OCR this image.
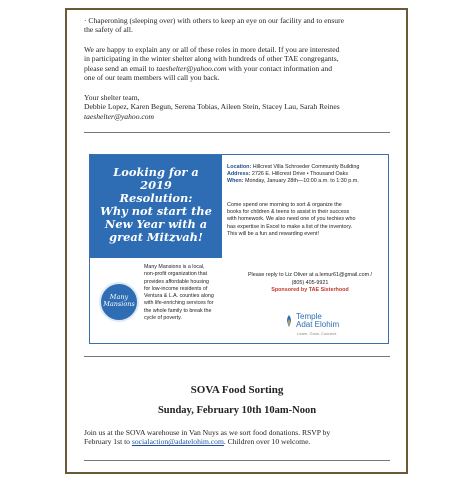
· Chaperoning (sleeping over) with others to keep an eye on our facility and to ensure
the safety of all.
We are happy to explain any or all of these roles in more detail. If you are interested
in participating in the winter shelter along with hundreds of other TAE congregants,
please send an email to taeshelter@yahoo.com with your contact information and
one of our team members will call you back.
Your shelter team,
Debbie Lopez, Karen Begun, Serena Tobias, Aileen Stein, Stacey Lau, Sarah Reines
taeshelter@yahoo.com
Looking for a 2019
Resolution:
Why not start the
New Year with a
great Mitzvah!
Location: Hillcrest Villa Schroeder Community Building
Address: 2726 E. Hillcrest Drive • Thousand Oaks
When: Monday, January 28th—10:00 a.m. to 1:30 p.m.
Come spend one morning to sort & organize the
books for children & teens to assist in their success
with homework. We also need one of you techies who
has expertise in Excel to make a list of the inventory.
This will be a fun and rewarding event!
Many
Mansions
Many Mansions is a local,
non-profit organization that
provides affordable housing
for low-income residents of
Ventura & L.A. counties along
with life-enriching services for
the whole family to break the
cycle of poverty.
Please reply to Liz Oliver at a.lemur61@gmail.com /
(805) 405-9921
Sponsored by TAE Sisterhood
Temple
Adat Elohim
Learn. Grow. Connect.
SOVA Food Sorting
Sunday, February 10th 10am-Noon
Join us at the SOVA warehouse in Van Nuys as we sort food donations. RSVP by
February 1st to socialaction@adatelohim.com. Children over 10 welcome.
